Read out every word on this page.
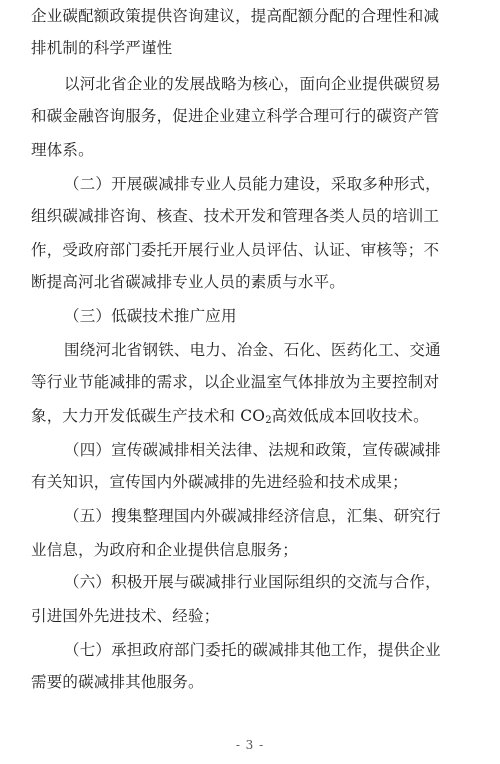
企业碳配额政策提供咨询建议，提高配额分配的合理性和减
排机制的科学严谨性
以河北省企业的发展战略为核心，面向企业提供碳贸易
和碳金融咨询服务，促进企业建立科学合理可行的碳资产管
理体系。
（二）开展碳减排专业人员能力建设，采取多种形式，
组织碳减排咨询、核查、技术开发和管理各类人员的培训工
作，受政府部门委托开展行业人员评估、认证、审核等；不
断提高河北省碳减排专业人员的素质与水平。
（三）低碳技术推广应用
围绕河北省钢铁、电力、冶金、石化、医药化工、交通
等行业节能减排的需求，以企业温室气体排放为主要控制对
象，大力开发低碳生产技术和 $CO_2$高效低成本回收技术。
（四）宣传碳减排相关法律、法规和政策，宣传碳减排
有关知识，宣传国内外碳减排的先进经验和技术成果；
（五）搜集整理国内外碳减排经济信息，汇集、研究行
业信息，为政府和企业提供信息服务；
（六）积极开展与碳减排行业国际组织的交流与合作，
引进国外先进技术、经验；
（七）承担政府部门委托的碳减排其他工作，提供企业
需要的碳减排其他服务。
- 3 -
